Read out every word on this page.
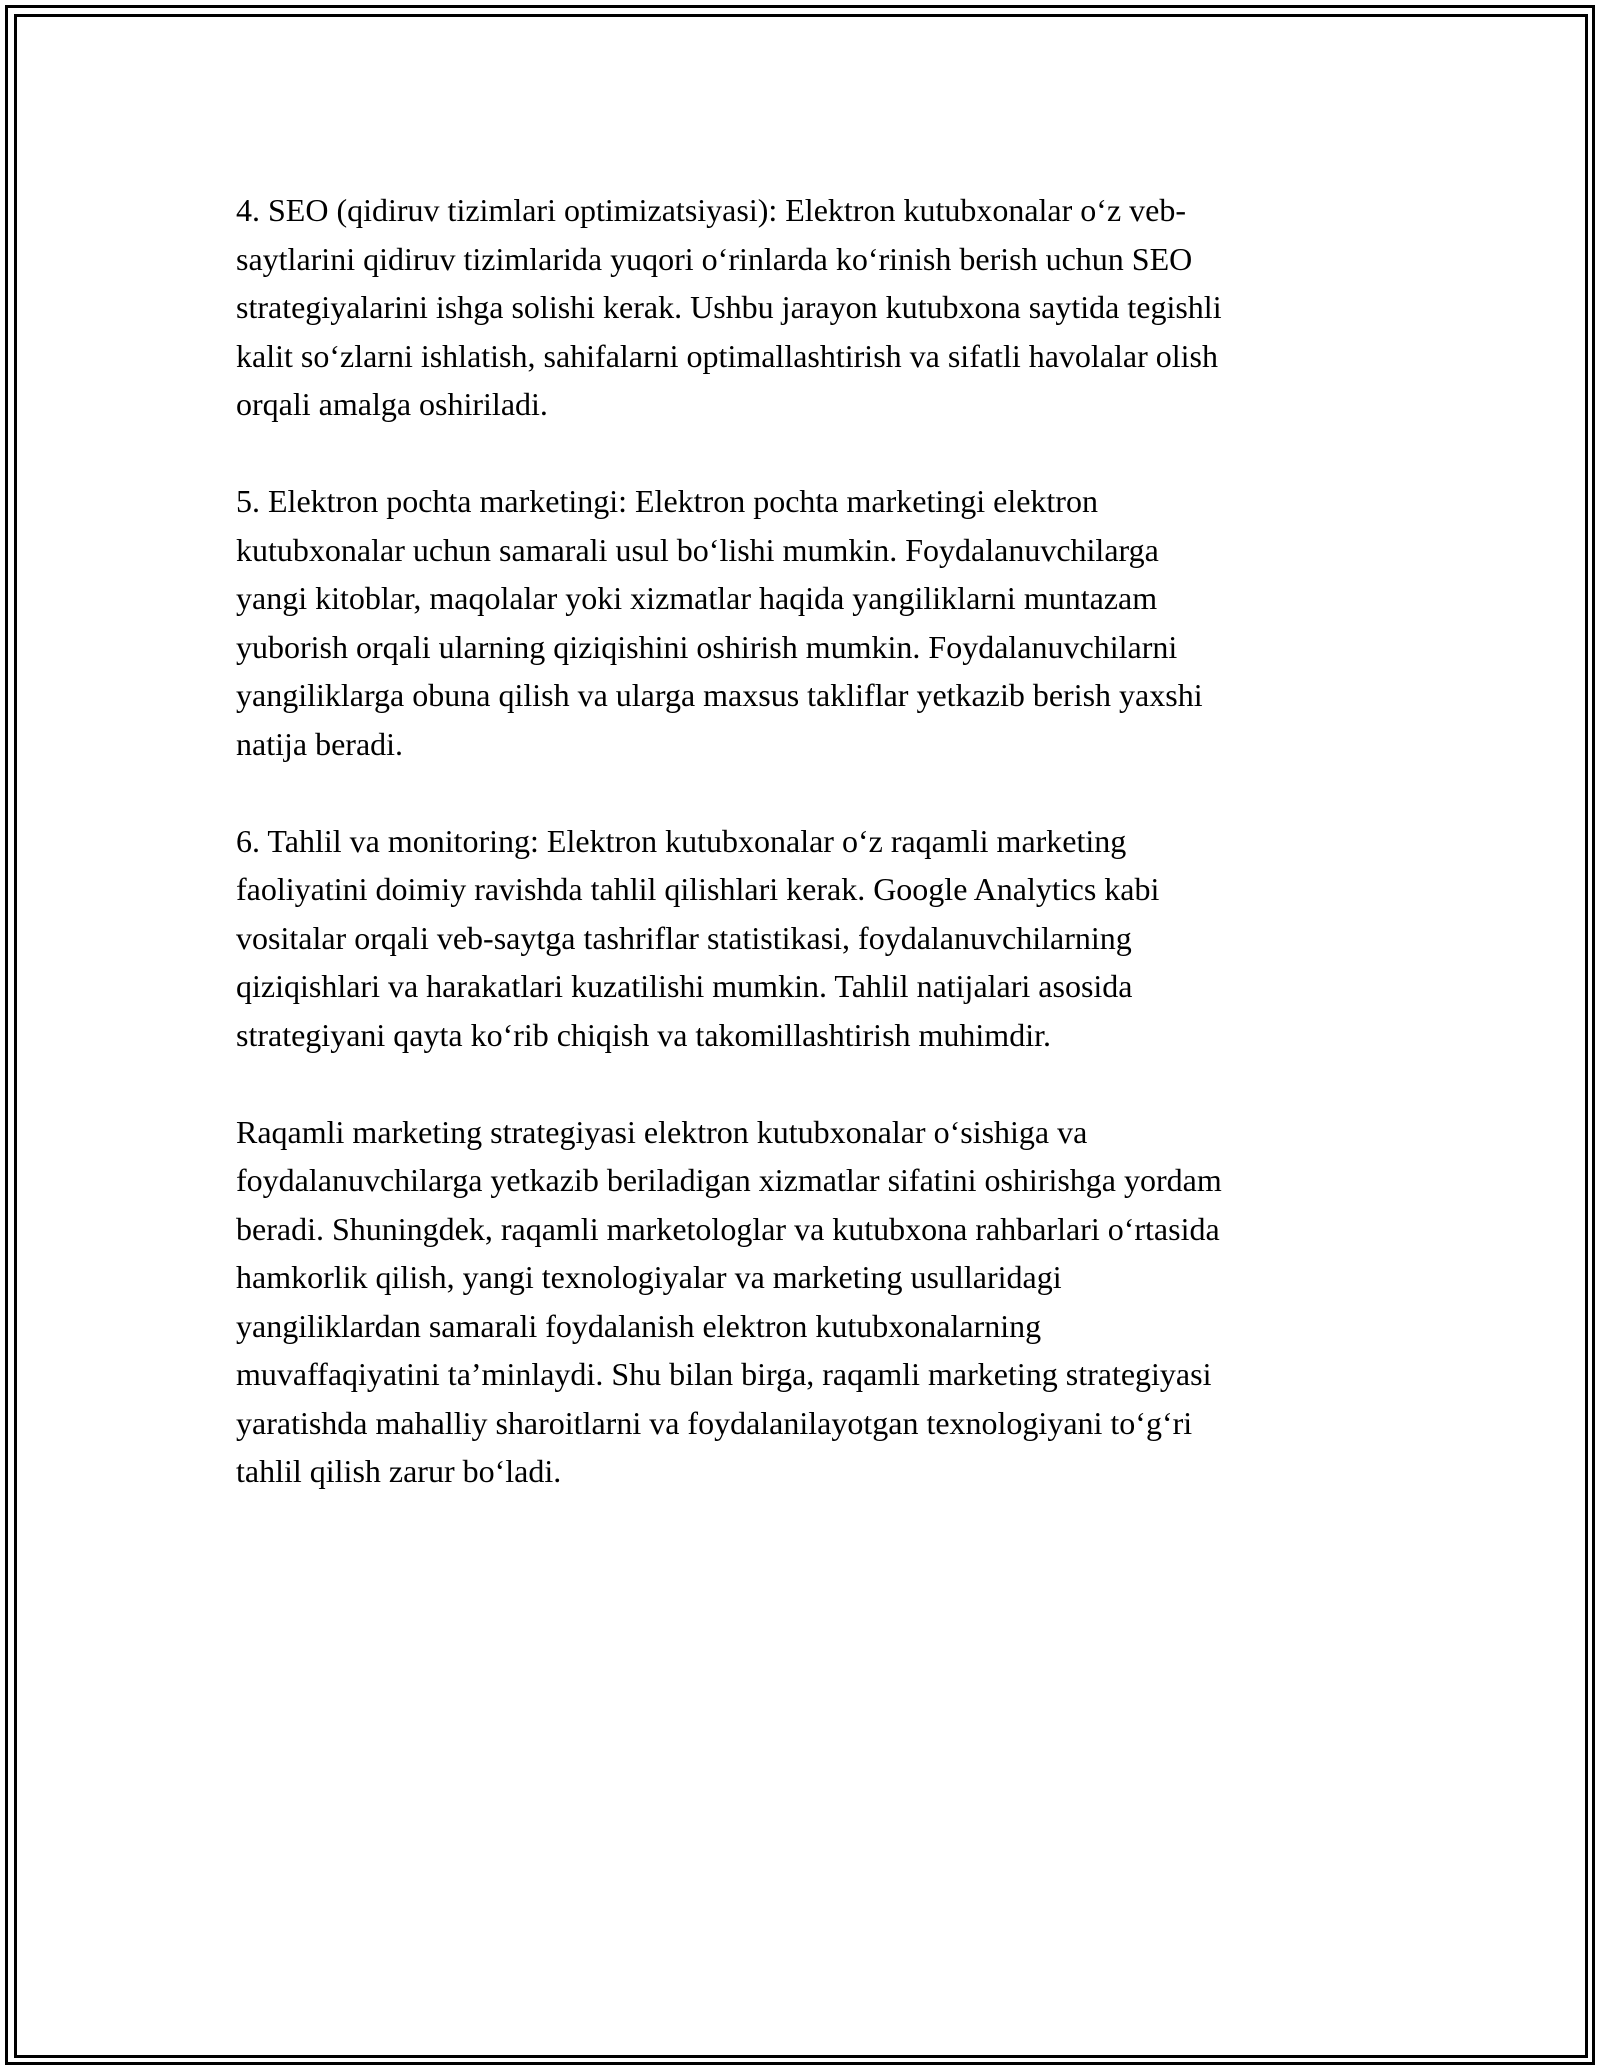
4. SEO (qidiruv tizimlari optimizatsiyasi): Elektron kutubxonalar o‘z veb-
saytlarini qidiruv tizimlarida yuqori o‘rinlarda ko‘rinish berish uchun SEO
strategiyalarini ishga solishi kerak. Ushbu jarayon kutubxona saytida tegishli
kalit so‘zlarni ishlatish, sahifalarni optimallashtirish va sifatli havolalar olish
orqali amalga oshiriladi.

5. Elektron pochta marketingi: Elektron pochta marketingi elektron
kutubxonalar uchun samarali usul bo‘lishi mumkin. Foydalanuvchilarga
yangi kitoblar, maqolalar yoki xizmatlar haqida yangiliklarni muntazam
yuborish orqali ularning qiziqishini oshirish mumkin. Foydalanuvchilarni
yangiliklarga obuna qilish va ularga maxsus takliflar yetkazib berish yaxshi
natija beradi.

6. Tahlil va monitoring: Elektron kutubxonalar o‘z raqamli marketing
faoliyatini doimiy ravishda tahlil qilishlari kerak. Google Analytics kabi
vositalar orqali veb-saytga tashriflar statistikasi, foydalanuvchilarning
qiziqishlari va harakatlari kuzatilishi mumkin. Tahlil natijalari asosida
strategiyani qayta ko‘rib chiqish va takomillashtirish muhimdir.

Raqamli marketing strategiyasi elektron kutubxonalar o‘sishiga va
foydalanuvchilarga yetkazib beriladigan xizmatlar sifatini oshirishga yordam
beradi. Shuningdek, raqamli marketologlar va kutubxona rahbarlari o‘rtasida
hamkorlik qilish, yangi texnologiyalar va marketing usullaridagi
yangiliklardan samarali foydalanish elektron kutubxonalarning
muvaffaqiyatini ta’minlaydi. Shu bilan birga, raqamli marketing strategiyasi
yaratishda mahalliy sharoitlarni va foydalanilayotgan texnologiyani to‘g‘ri
tahlil qilish zarur bo‘ladi.
